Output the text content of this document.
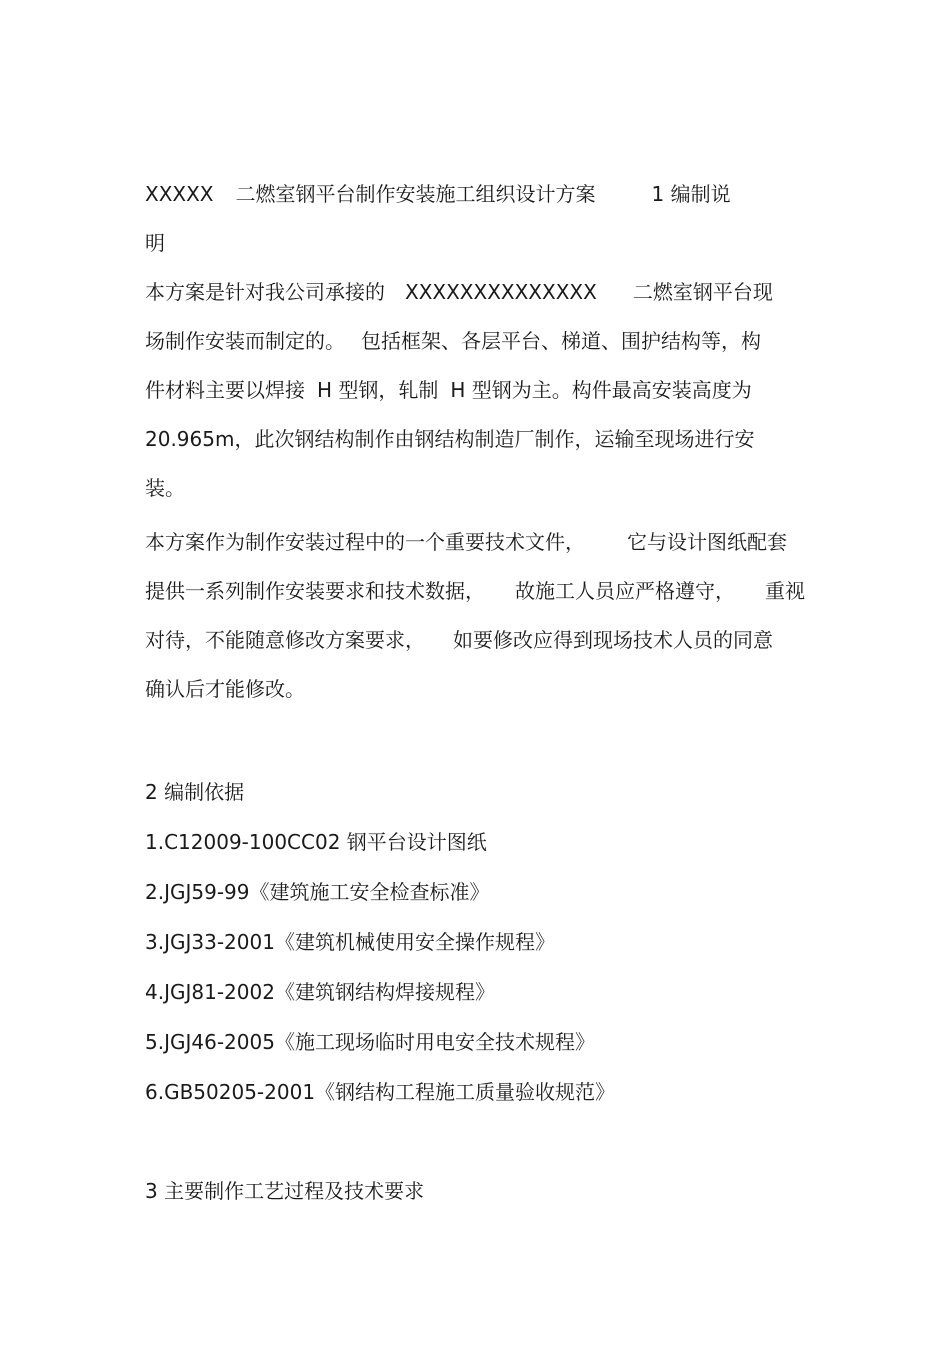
XXXXX 二燃室钢平台制作安装施工组织设计方案	1 编制说
明
本方案是针对我公司承接的 XXXXXXXXXXXXXX 二燃室钢平台现
场制作安装而制定的。 包括框架、各层平台、梯道、围护结构等，构
件材料主要以焊接 H 型钢，轧制 H 型钢为主。构件最高安装高度为
20.965m，此次钢结构制作由钢结构制造厂制作，运输至现场进行安
装。
本方案作为制作安装过程中的一个重要技术文件， 它与设计图纸配套
提供一系列制作安装要求和技术数据， 故施工人员应严格遵守， 重视
对待，不能随意修改方案要求， 如要修改应得到现场技术人员的同意
确认后才能修改。
2 编制依据
1.C12009-100CC02 钢平台设计图纸
2.JGJ59-99《建筑施工安全检查标准》
3.JGJ33-2001《建筑机械使用安全操作规程》
4.JGJ81-2002《建筑钢结构焊接规程》
5.JGJ46-2005《施工现场临时用电安全技术规程》
6.GB50205-2001《钢结构工程施工质量验收规范》
3 主要制作工艺过程及技术要求
